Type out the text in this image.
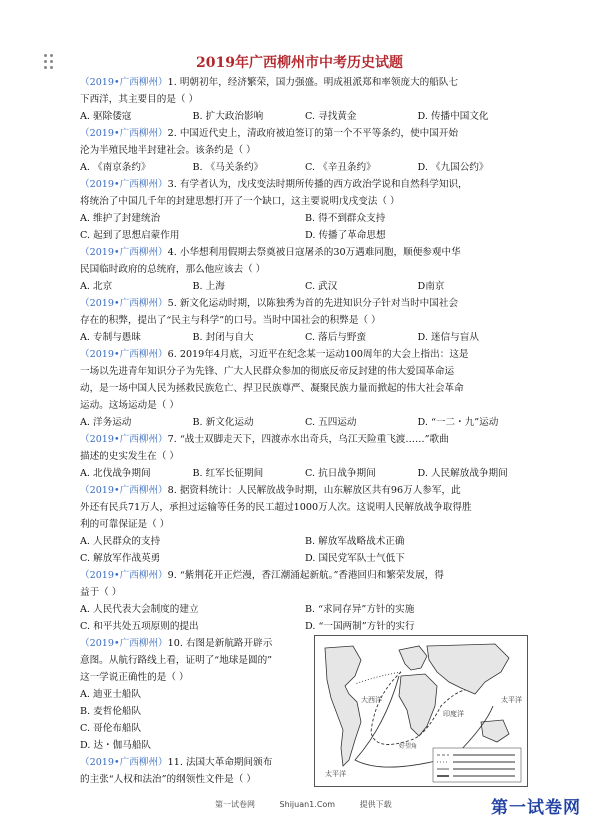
2019年广西柳州市中考历史试题
（2019•广西柳州）1. 明朝初年，经济繁荣，国力强盛。明成祖派郑和率领庞大的船队七
下西洋，其主要目的是（ ）
A. 驱除倭寇	B. 扩大政治影响	C. 寻找黄金	D. 传播中国文化
（2019•广西柳州）2. 中国近代史上，清政府被迫签订的第一个不平等条约，使中国开始
沦为半殖民地半封建社会。该条约是（ ）
A. 《南京条约》	B. 《马关条约》	C. 《辛丑条约》	D. 《九国公约》
（2019•广西柳州）3. 有学者认为，戊戌变法时期所传播的西方政治学说和自然科学知识，
将统治了中国几千年的封建思想打开了一个缺口，这主要说明戊戌变法（ ）
A. 维护了封建统治	B. 得不到群众支持
C. 起到了思想启蒙作用	D. 传播了革命思想
（2019•广西柳州）4. 小华想利用假期去祭奠被日寇屠杀的30万遇难同胞，顺便参观中华
民国临时政府的总统府，那么他应该去（ ）
A. 北京	B. 上海	C. 武汉	D南京
（2019•广西柳州）5. 新文化运动时期，以陈独秀为首的先进知识分子针对当时中国社会
存在的积弊，提出了“民主与科学”的口号。当时中国社会的积弊是（ ）
A. 专制与愚昧	B. 封闭与自大	C. 落后与野蛮	D. 迷信与盲从
（2019•广西柳州）6. 2019年4月底，习近平在纪念某一运动100周年的大会上指出：这是
一场以先进青年知识分子为先锋、广大人民群众参加的彻底反帝反封建的伟大爱国革命运
动，是一场中国人民为拯救民族危亡、捍卫民族尊严、凝聚民族力量而掀起的伟大社会革命
运动。这场运动是（ ）
A. 洋务运动	B. 新文化运动	C. 五四运动	D. “一二・九”运动
（2019•广西柳州）7. “战士双脚走天下，四渡赤水出奇兵，乌江天险重飞渡……”歌曲
描述的史实发生在（ ）
A. 北伐战争期间	B. 红军长征期间	C. 抗日战争期间	D. 人民解放战争期间
（2019•广西柳州）8. 据资料统计：人民解放战争时期，山东解放区共有96万人参军，此
外还有民兵71万人，承担过运输等任务的民工超过1000万人次。这说明人民解放战争取得胜
利的可靠保证是（ ）
A. 人民群众的支持	B. 解放军战略战术正确
C. 解放军作战英勇	D. 国民党军队士气低下
（2019•广西柳州）9. “紫荆花开正烂漫，香江潮涌起新航。”香港回归和繁荣发展，得
益于（ ）
A. 人民代表大会制度的建立	B. “求同存异”方针的实施
C. 和平共处五项原则的提出	D. “一国两制”方针的实行
（2019•广西柳州）10. 右图是新航路开辟示
意图。从航行路线上看，证明了“地球是圆的”
这一学说正确性的是（ ）
A. 迪亚士船队
B. 麦哲伦船队
C. 哥伦布船队
D. 达・伽马船队
（2019•广西柳州）11. 法国大革命期间颁布
的主张“人权和法治”的纲领性文件是（ ）
大西洋
太平洋
印度洋
好望角
太平洋
第一试卷网	Shijuan1.Com	提供下载	第一试卷网
